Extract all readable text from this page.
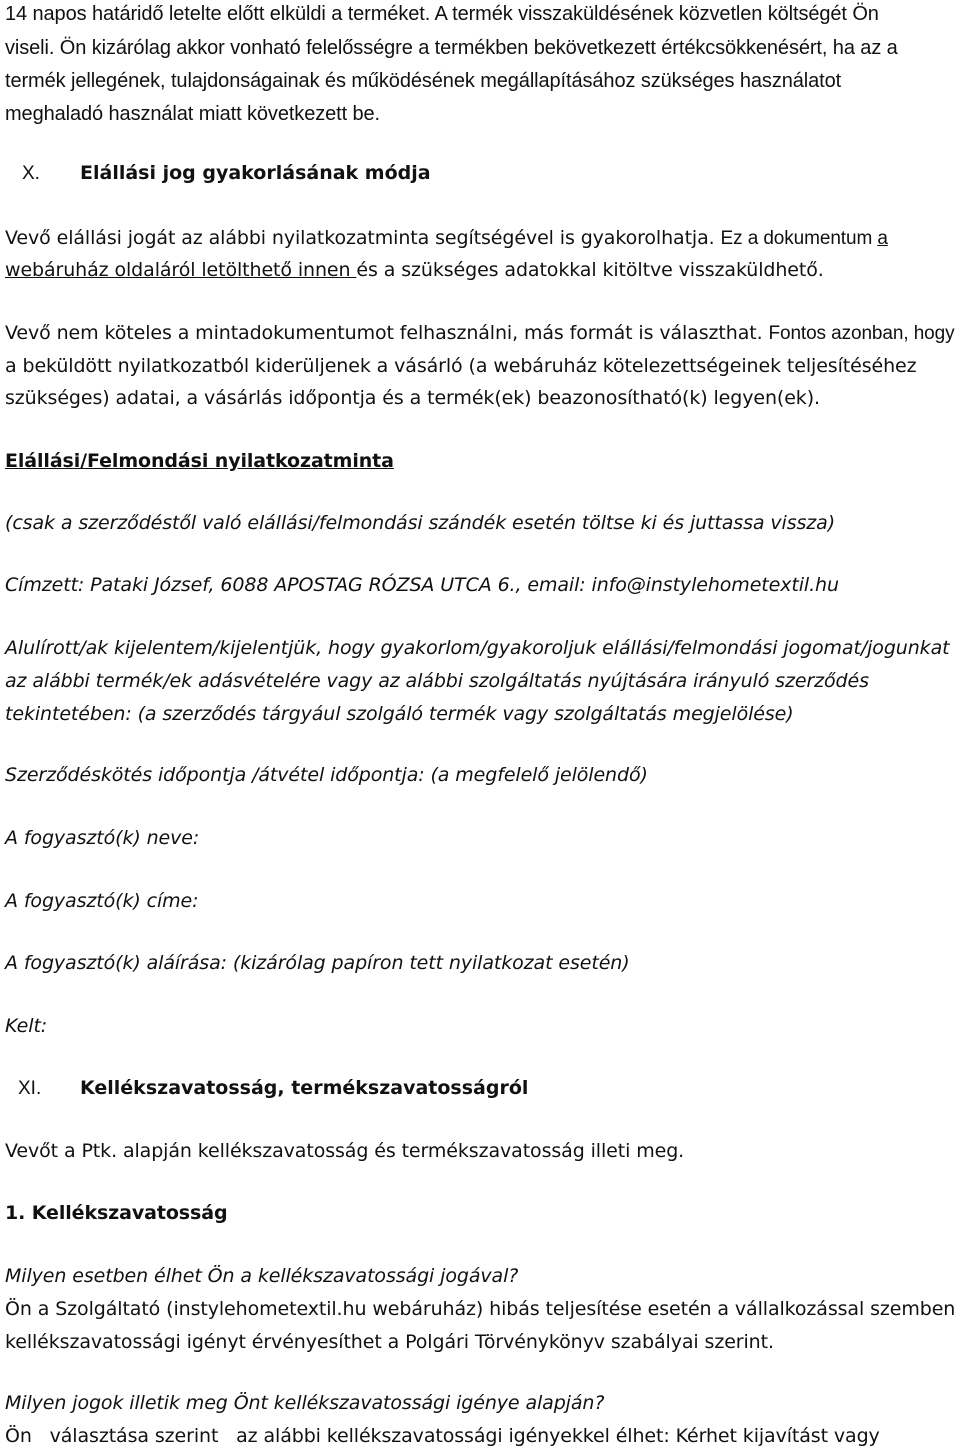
14 napos határidő letelte előtt elküldi a terméket. A termék visszaküldésének közvetlen költségét Ön
viseli. Ön kizárólag akkor vonható felelősségre a termékben bekövetkezett értékcsökkenésért, ha az a
termék jellegének, tulajdonságainak és működésének megállapításához szükséges használatot
meghaladó használat miatt következett be.
X. Elállási jog gyakorlásának módja
Vevő elállási jogát az alábbi nyilatkozatminta segítségével is gyakorolhatja. Ez a dokumentum a
webáruház oldaláról letölthető innen és a szükséges adatokkal kitöltve visszaküldhető.
Vevő nem köteles a mintadokumentumot felhasználni, más formát is választhat. Fontos azonban, hogy
a beküldött nyilatkozatból kiderüljenek a vásárló (a webáruház kötelezettségeinek teljesítéséhez
szükséges) adatai, a vásárlás időpontja és a termék(ek) beazonosítható(k) legyen(ek).
Elállási/Felmondási nyilatkozatminta
(csak a szerződéstől való elállási/felmondási szándék esetén töltse ki és juttassa vissza)
Címzett: Pataki József, 6088 APOSTAG RÓZSA UTCA 6., email: info@instylehometextil.hu
Alulírott/ak kijelentem/kijelentjük, hogy gyakorlom/gyakoroljuk elállási/felmondási jogomat/jogunkat
az alábbi termék/ek adásvételére vagy az alábbi szolgáltatás nyújtására irányuló szerződés
tekintetében: (a szerződés tárgyául szolgáló termék vagy szolgáltatás megjelölése)
Szerződéskötés időpontja /átvétel időpontja: (a megfelelő jelölendő)
A fogyasztó(k) neve:
A fogyasztó(k) címe:
A fogyasztó(k) aláírása: (kizárólag papíron tett nyilatkozat esetén)
Kelt:
XI. Kellékszavatosság, termékszavatosságról
Vevőt a Ptk. alapján kellékszavatosság és termékszavatosság illeti meg.
1. Kellékszavatosság
Milyen esetben élhet Ön a kellékszavatossági jogával?
Ön a Szolgáltató (instylehometextil.hu webáruház) hibás teljesítése esetén a vállalkozással szemben
kellékszavatossági igényt érvényesíthet a Polgári Törvénykönyv szabályai szerint.
Milyen jogok illetik meg Önt kellékszavatossági igénye alapján?
Ön   választása szerint   az alábbi kellékszavatossági igényekkel élhet: Kérhet kijavítást vagy
